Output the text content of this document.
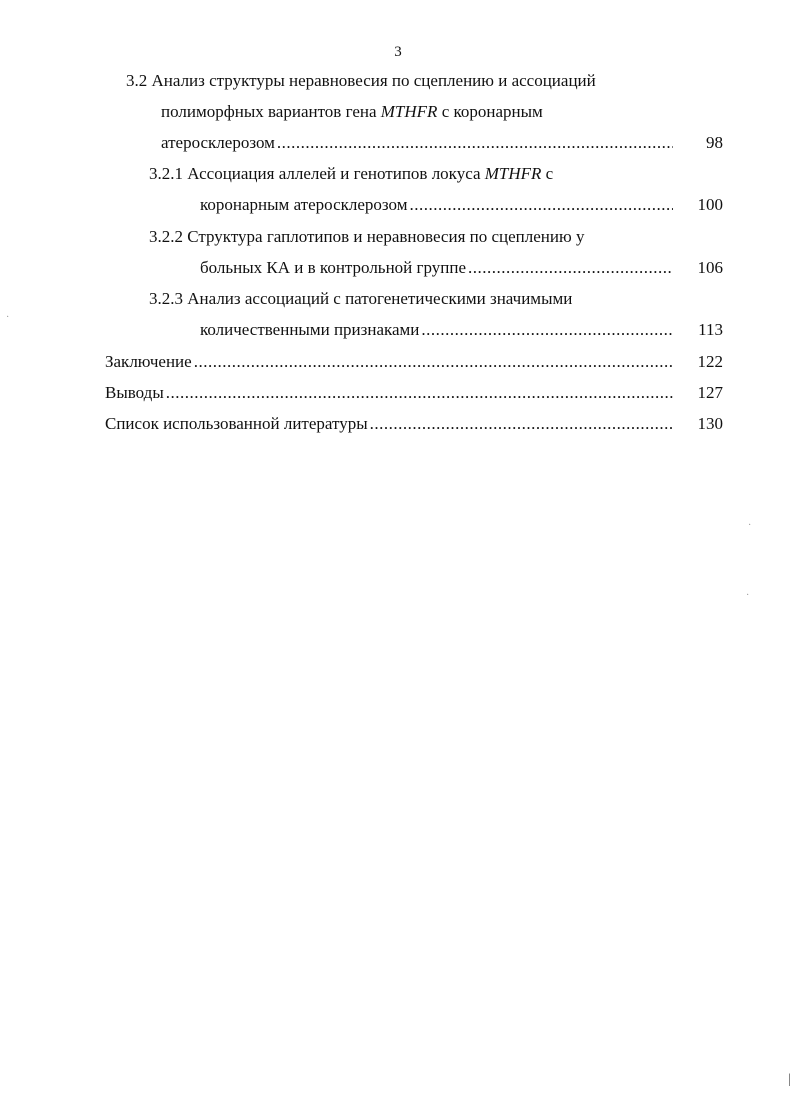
3
3.2 Анализ структуры неравновесия по сцеплению и ассоциаций
полиморфных вариантов гена MTHFR с коронарным
атеросклерозом .....	98
3.2.1 Ассоциация аллелей и генотипов локуса MTHFR с
коронарным атеросклерозом .....	100
3.2.2 Структура гаплотипов и неравновесия по сцеплению у
больных КА и в контрольной группе .....	106
3.2.3 Анализ ассоциаций с патогенетическими значимыми
количественными признаками .....	113
Заключение .....	122
Выводы .....	127
Список использованной литературы .....	130
·
·
·
|
